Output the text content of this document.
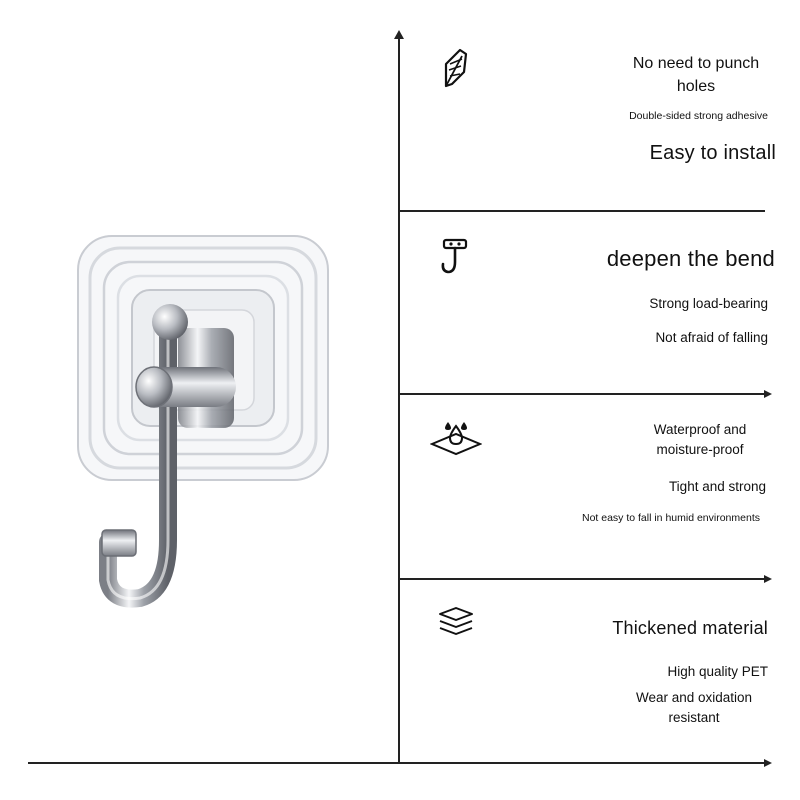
No need to punch
holes
Double-sided strong adhesive
Easy to install
deepen the bend
Strong load-bearing
Not afraid of falling
Waterproof and
moisture-proof
Tight and strong
Not easy to fall in humid environments
Thickened material
High quality PET
Wear and oxidation
resistant
